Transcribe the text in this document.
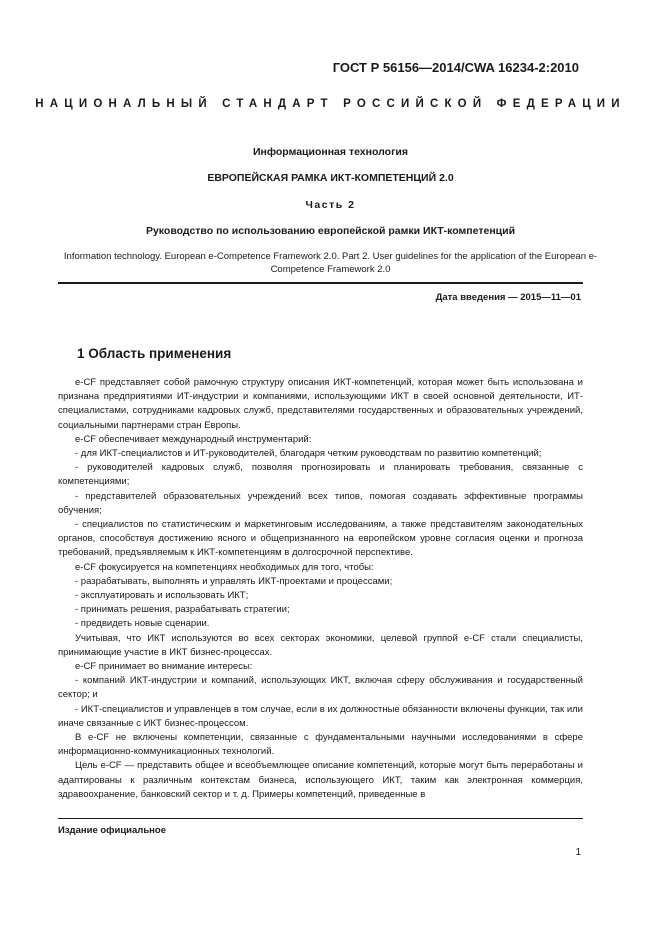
ГОСТ Р 56156—2014/CWA 16234-2:2010
НАЦИОНАЛЬНЫЙ СТАНДАРТ РОССИЙСКОЙ ФЕДЕРАЦИИ
Информационная технология
ЕВРОПЕЙСКАЯ РАМКА ИКТ-КОМПЕТЕНЦИЙ 2.0
Часть 2
Руководство по использованию европейской рамки ИКТ-компетенций
Information technology. European e-Competence Framework 2.0. Part 2. User guidelines for the application of the European e-Competence Framework 2.0
Дата введения — 2015—11—01
1 Область применения

e-CF представляет собой рамочную структуру описания ИКТ-компетенций, которая может быть использована и признана предприятиями ИТ-индустрии и компаниями, использующими ИКТ в своей основной деятельности, ИТ-специалистами, сотрудниками кадровых служб, представителями государственных и образовательных учреждений, социальными партнерами стран Европы.

e-CF обеспечивает международный инструментарий:

- для ИКТ-специалистов и ИТ-руководителей, благодаря четким руководствам по развитию компетенций;

- руководителей кадровых служб, позволяя прогнозировать и планировать требования, связанные с компетенциями;

- представителей образовательных учреждений всех типов, помогая создавать эффективные программы обучения;

- специалистов по статистическим и маркетинговым исследованиям, а также представителям законодательных органов, способствуя достижению ясного и общепризнанного на европейском уровне согласия оценки и прогноза требований, предъявляемым к ИКТ-компетенциям в долгосрочной перспективе.

e-CF фокусируется на компетенциях необходимых для того, чтобы:

- разрабатывать, выполнять и управлять ИКТ-проектами и процессами;

- эксплуатировать и использовать ИКТ;

- принимать решения, разрабатывать стратегии;

- предвидеть новые сценарии.

Учитывая, что ИКТ используются во всех секторах экономики, целевой группой e-CF стали специалисты, принимающие участие в ИКТ бизнес-процессах.

e-CF принимает во внимание интересы:

- компаний ИКТ-индустрии и компаний, использующих ИКТ, включая сферу обслуживания и государственный сектор; и

- ИКТ-специалистов и управленцев в том случае, если в их должностные обязанности включены функции, так или иначе связанные с ИКТ бизнес-процессом.

В e-CF не включены компетенции, связанные с фундаментальными научными исследованиями в сфере информационно-коммуникационных технологий.

Цель e-CF — представить общее и всеобъемлющее описание компетенций, которые могут быть переработаны и адаптированы к различным контекстам бизнеса, использующего ИКТ, таким как электронная коммерция, здравоохранение, банковский сектор и т. д. Примеры компетенций, приведенные в

Издание официальное
1
